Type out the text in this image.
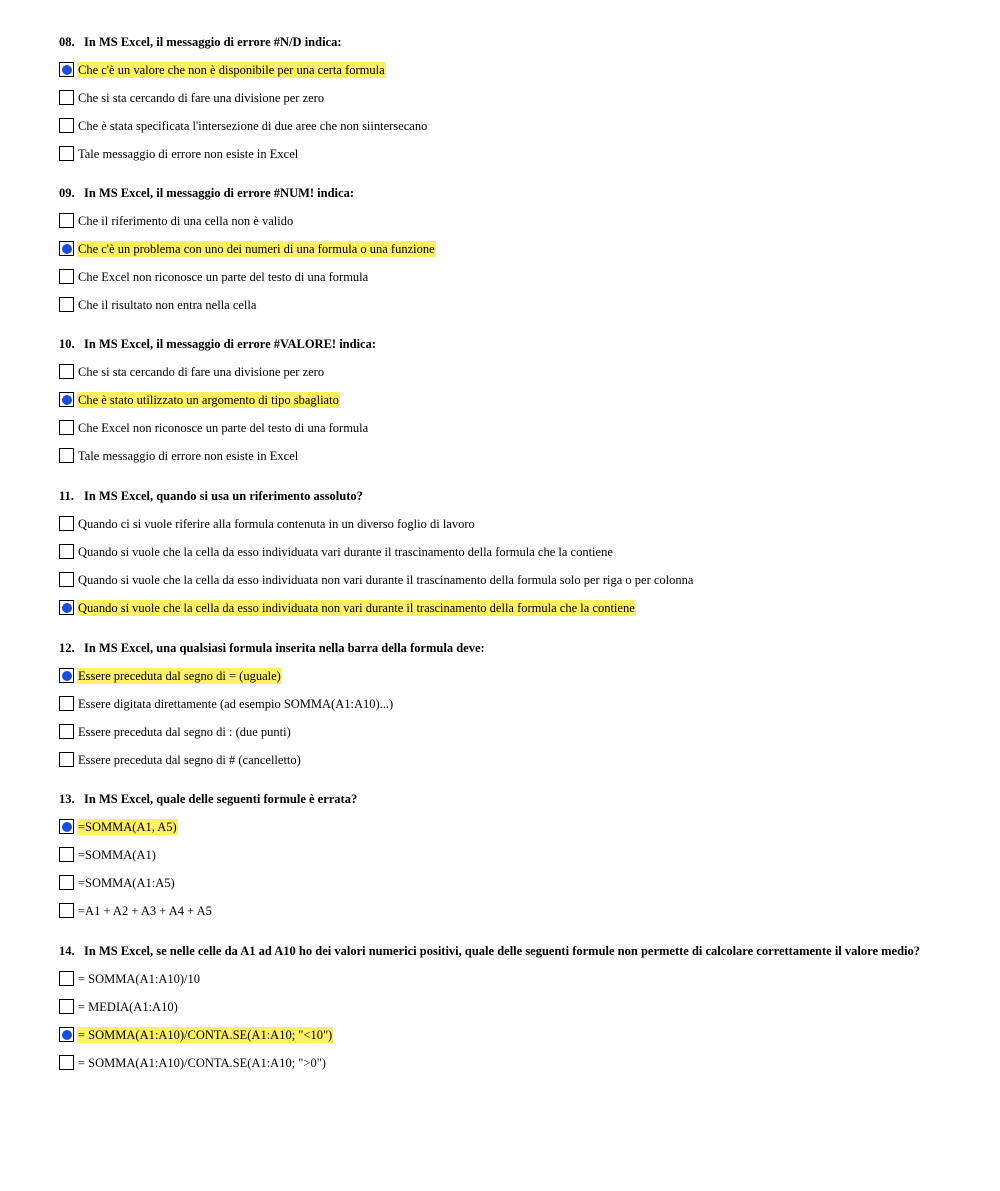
08. In MS Excel, il messaggio di errore #N/D indica:
Che c'è un valore che non è disponibile per una certa formula
Che si sta cercando di fare una divisione per zero
Che è stata specificata l'intersezione di due aree che non siintersecano
Tale messaggio di errore non esiste in Excel
09. In MS Excel, il messaggio di errore #NUM! indica:
Che il riferimento di una cella non è valido
Che c'è un problema con uno dei numeri di una formula o una funzione
Che Excel non riconosce un parte del testo di una formula
Che il risultato non entra nella cella
10. In MS Excel, il messaggio di errore #VALORE! indica:
Che si sta cercando di fare una divisione per zero
Che è stato utilizzato un argomento di tipo sbagliato
Che Excel non riconosce un parte del testo di una formula
Tale messaggio di errore non esiste in Excel
11. In MS Excel, quando si usa un riferimento assoluto?
Quando ci si vuole riferire alla formula contenuta in un diverso foglio di lavoro
Quando si vuole che la cella da esso individuata vari durante il trascinamento della formula che la contiene
Quando si vuole che la cella da esso individuata non vari durante il trascinamento della formula solo per riga o per colonna
Quando si vuole che la cella da esso individuata non vari durante il trascinamento della formula che la contiene
12. In MS Excel, una qualsiasi formula inserita nella barra della formula deve:
Essere preceduta dal segno di = (uguale)
Essere digitata direttamente (ad esempio SOMMA(A1:A10)...)
Essere preceduta dal segno di : (due punti)
Essere preceduta dal segno di # (cancelletto)
13. In MS Excel, quale delle seguenti formule è errata?
=SOMMA(A1, A5)
=SOMMA(A1)
=SOMMA(A1:A5)
=A1 + A2 + A3 + A4 + A5
14. In MS Excel, se nelle celle da A1 ad A10 ho dei valori numerici positivi, quale delle seguenti formule non permette di calcolare correttamente il valore medio?
= SOMMA(A1:A10)/10
= MEDIA(A1:A10)
= SOMMA(A1:A10)/CONTA.SE(A1:A10; "<10")
= SOMMA(A1:A10)/CONTA.SE(A1:A10; ">0")
